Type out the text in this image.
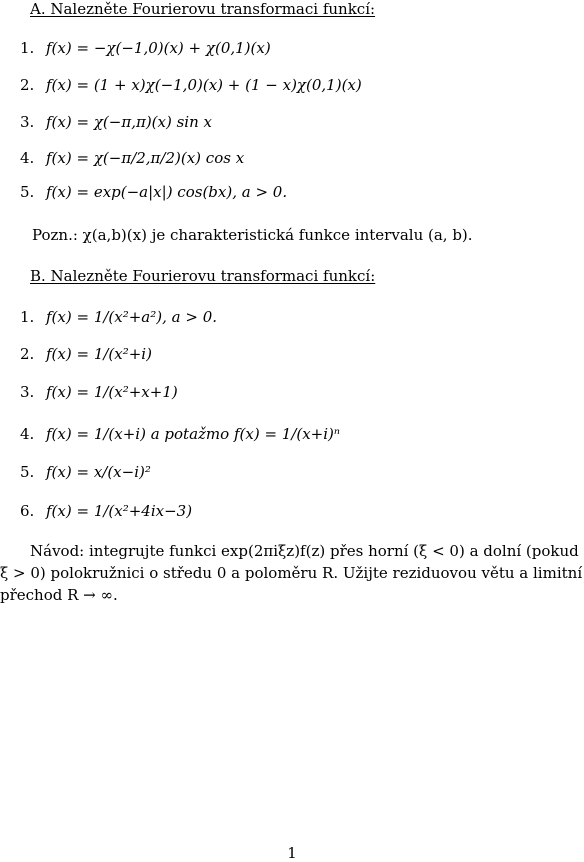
A. Nalezněte Fourierovu transformaci funkcí:
1. f(x) = −χ(−1,0)(x) + χ(0,1)(x)
2. f(x) = (1 + x)χ(−1,0)(x) + (1 − x)χ(0,1)(x)
3. f(x) = χ(−π,π)(x) sin x
4. f(x) = χ(−π/2,π/2)(x) cos x
5. f(x) = exp(−a|x|) cos(bx), a > 0.
Pozn.: χ(a,b)(x) je charakteristická funkce intervalu (a, b).
B. Nalezněte Fourierovu transformaci funkcí:
1. f(x) = 1/(x²+a²), a > 0.
2. f(x) = 1/(x²+i)
3. f(x) = 1/(x²+x+1)
4. f(x) = 1/(x+i) a potažmo f(x) = 1/(x+i)ⁿ
5. f(x) = x/(x−i)²
6. f(x) = 1/(x²+4ix−3)

Návod: integrujte funkci exp(2πiξz)f(z) přes horní (ξ < 0) a dolní (pokud

ξ > 0) polokružnici o středu 0 a poloměru R. Užijte reziduovou větu a limitní

přechod R → ∞.

1
